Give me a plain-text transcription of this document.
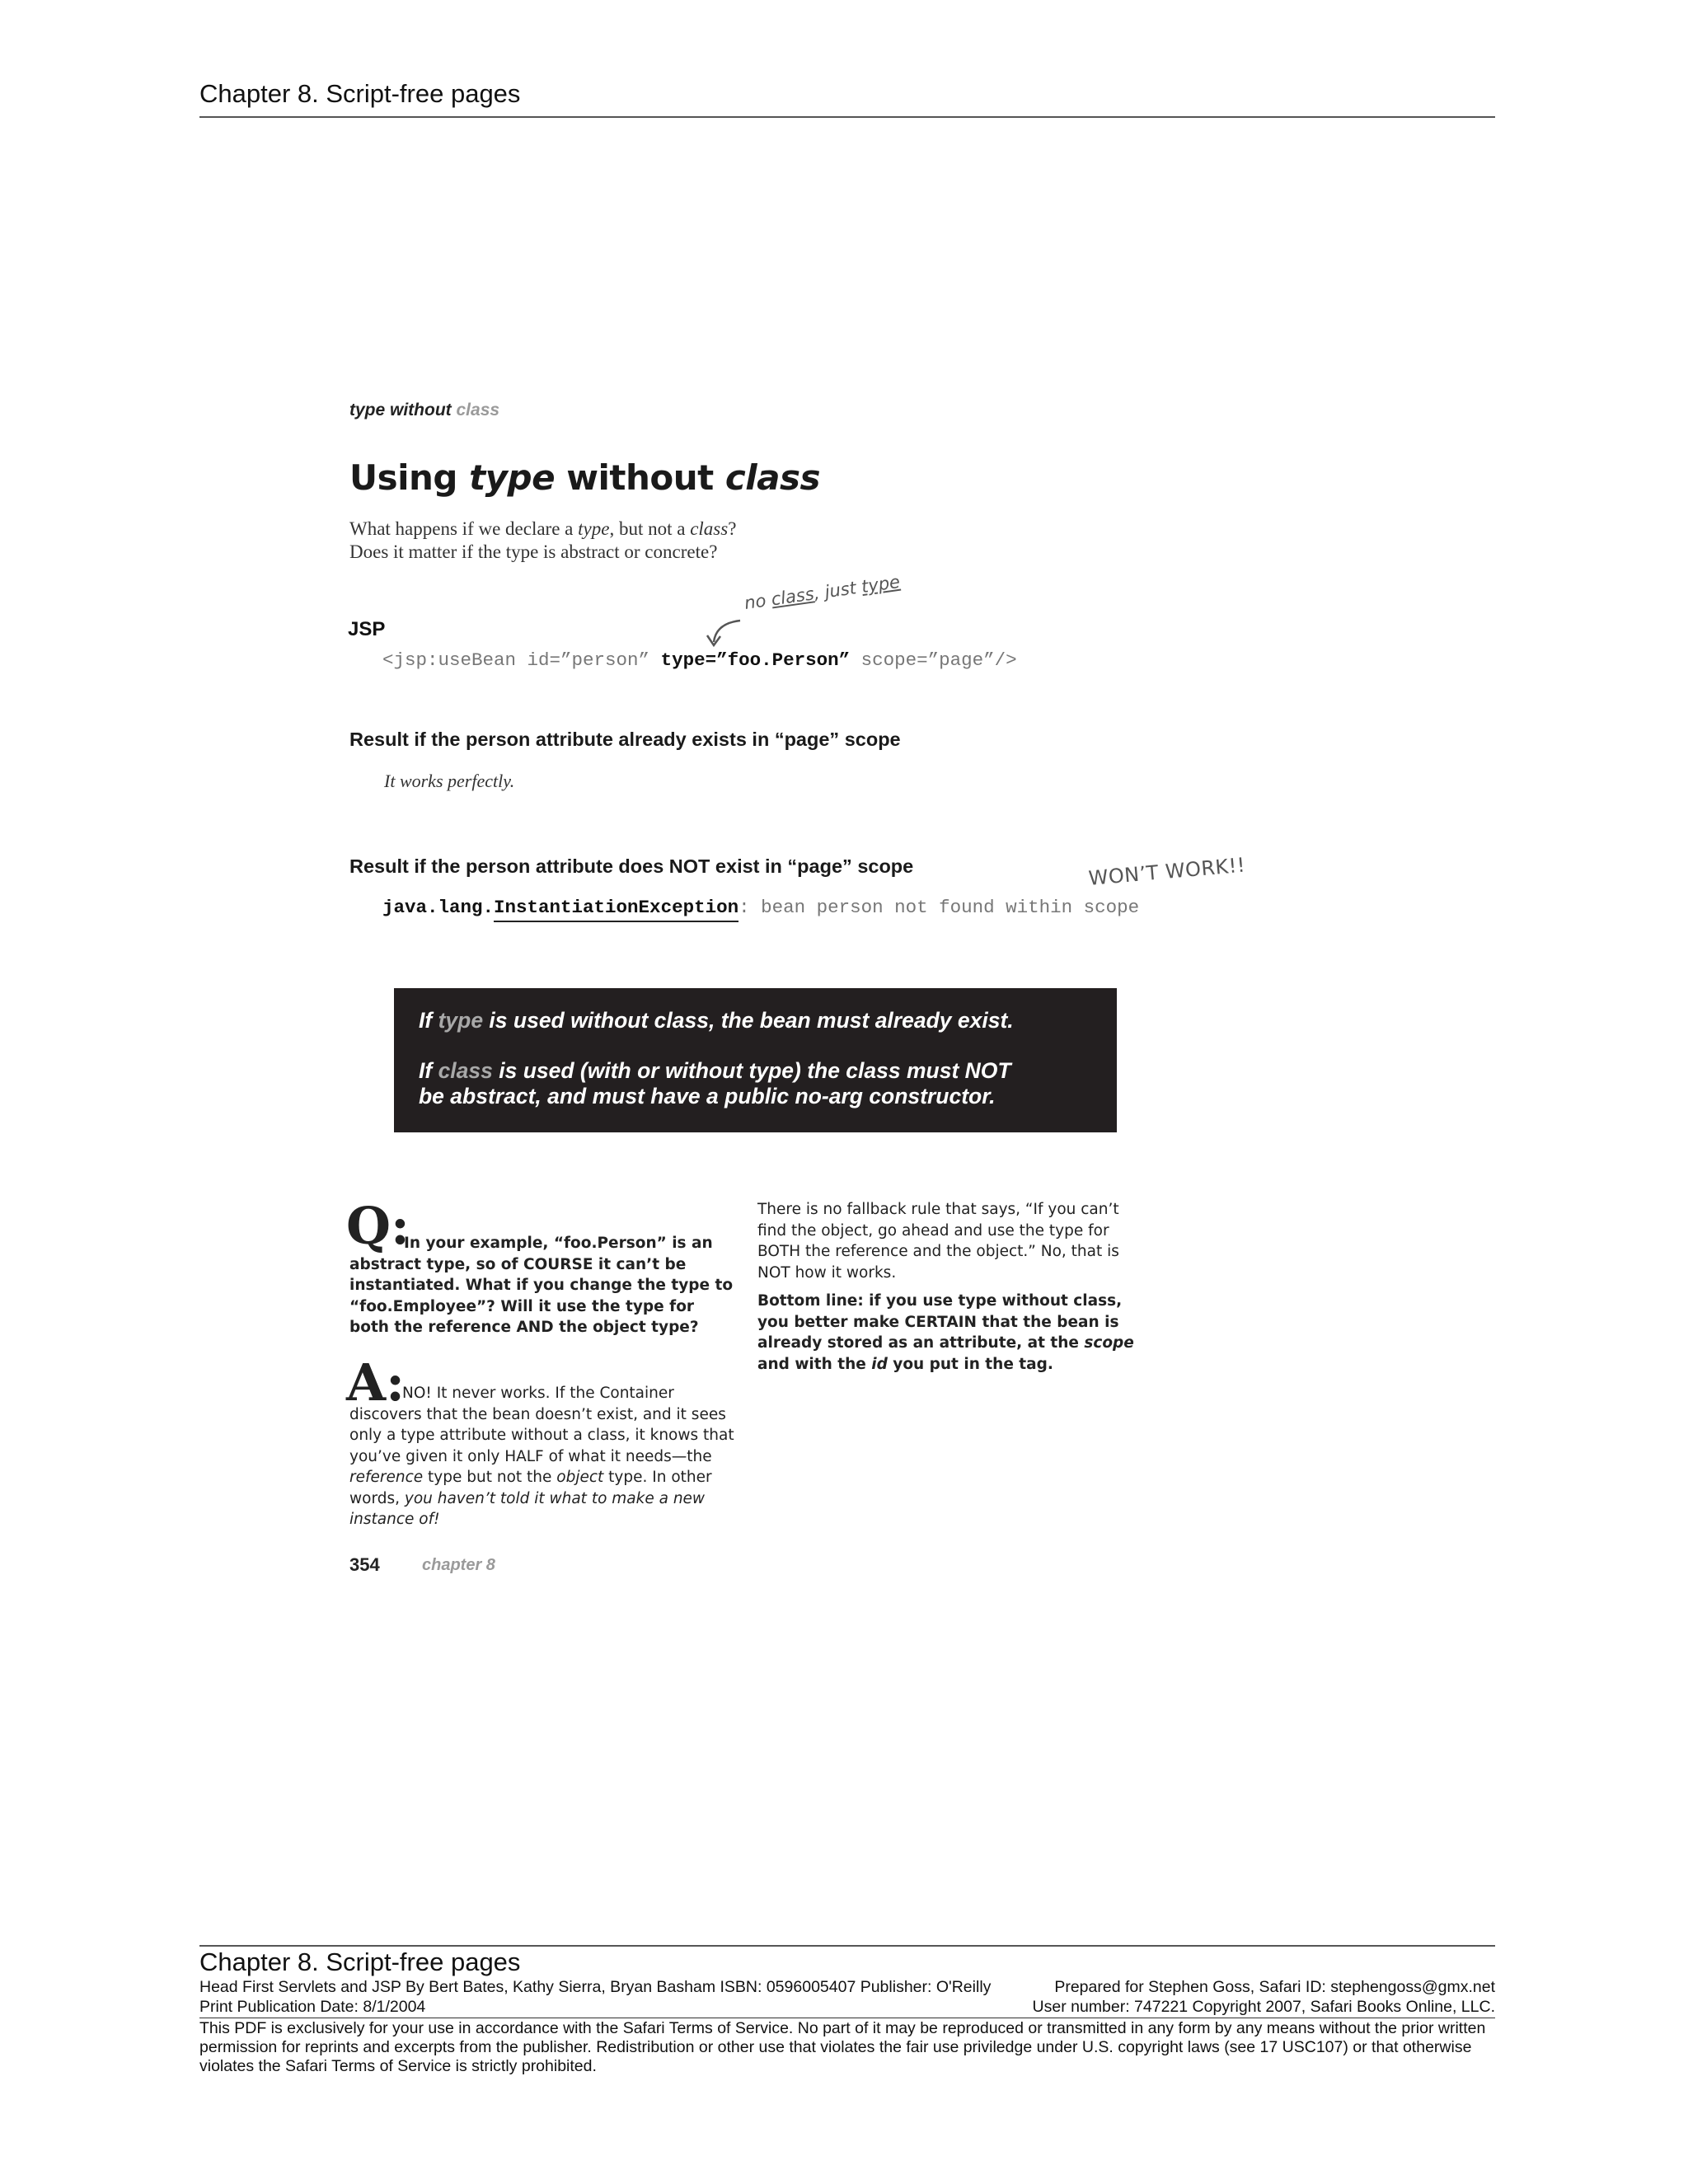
Chapter 8. Script-free pages
type without class
Using type without class
What happens if we declare a type, but not a class?
Does it matter if the type is abstract or concrete?
JSP
no class, just type
<jsp:useBean id=”person” type=”foo.Person” scope=”page”/>
Result if the person attribute already exists in “page” scope
It works perfectly.
Result if the person attribute does NOT exist in “page” scope	WON’T WORK!!
java.lang.InstantiationException: bean person not found within scope

If type is used without class, the bean must already exist.

If class is used (with or without type) the class must NOT
be abstract, and must have a public no-arg constructor.

Q:
In your example, “foo.Person” is an abstract type, so of COURSE it can’t be instantiated. What if you change the type to “foo.Employee”? Will it use the type for both the reference AND the object type?
A:
NO! It never works. If the Container discovers that the bean doesn’t exist, and it sees only a type attribute without a class, it knows that you’ve given it only HALF of what it needs—the reference type but not the object type. In other words, you haven’t told it what to make a new instance of!
There is no fallback rule that says, “If you can’t find the object, go ahead and use the type for BOTH the reference and the object.” No, that is NOT how it works.
Bottom line: if you use type without class, you better make CERTAIN that the bean is already stored as an attribute, at the scope and with the id you put in the tag.
354	chapter 8
Chapter 8. Script-free pages
Head First Servlets and JSP By Bert Bates, Kathy Sierra, Bryan Basham ISBN: 0596005407 Publisher: O'Reilly	Prepared for Stephen Goss, Safari ID: stephengoss@gmx.net
Print Publication Date: 8/1/2004	User number: 747221 Copyright 2007, Safari Books Online, LLC.
This PDF is exclusively for your use in accordance with the Safari Terms of Service. No part of it may be reproduced or transmitted in any form by any means without the prior written permission for reprints and excerpts from the publisher. Redistribution or other use that violates the fair use priviledge under U.S. copyright laws (see 17 USC107) or that otherwise violates the Safari Terms of Service is strictly prohibited.
